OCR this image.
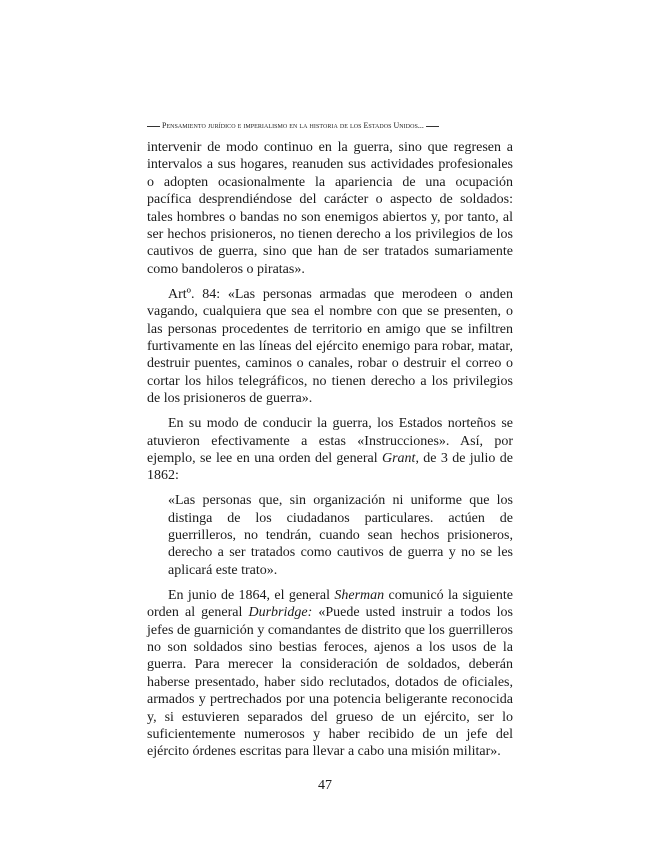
Pensamiento jurídico e imperialismo en la historia de los Estados Unidos...

intervenir de modo continuo en la guerra, sino que regresen a intervalos a sus hogares, reanuden sus actividades profesionales o adopten ocasionalmente la apariencia de una ocupación pacífica desprendiéndose del carácter o aspecto de soldados: tales hombres o bandas no son enemigos abiertos y, por tanto, al ser hechos prisioneros, no tienen derecho a los privilegios de los cautivos de guerra, sino que han de ser tratados sumariamente como bandoleros o piratas».

Artº. 84: «Las personas armadas que merodeen o anden vagando, cualquiera que sea el nombre con que se presenten, o las personas procedentes de territorio en amigo que se infiltren furtivamente en las líneas del ejército enemigo para robar, matar, destruir puentes, caminos o canales, robar o destruir el correo o cortar los hilos telegráficos, no tienen derecho a los privilegios de los prisioneros de guerra».

En su modo de conducir la guerra, los Estados norteños se atuvieron efectivamente a estas «Instrucciones». Así, por ejemplo, se lee en una orden del general Grant, de 3 de julio de 1862:

«Las personas que, sin organización ni uniforme que los distinga de los ciudadanos particulares. actúen de guerrilleros, no tendrán, cuando sean hechos prisioneros, derecho a ser tratados como cautivos de guerra y no se les aplicará este trato».

En junio de 1864, el general Sherman comunicó la siguiente orden al general Durbridge: «Puede usted instruir a todos los jefes de guarnición y comandantes de distrito que los guerrilleros no son soldados sino bestias feroces, ajenos a los usos de la guerra. Para merecer la consideración de soldados, deberán haberse presentado, haber sido reclutados, dotados de oficiales, armados y pertrechados por una potencia beligerante reconocida y, si estuvieren separados del grueso de un ejército, ser lo suficientemente numerosos y haber recibido de un jefe del ejército órdenes escritas para llevar a cabo una misión militar».

47
